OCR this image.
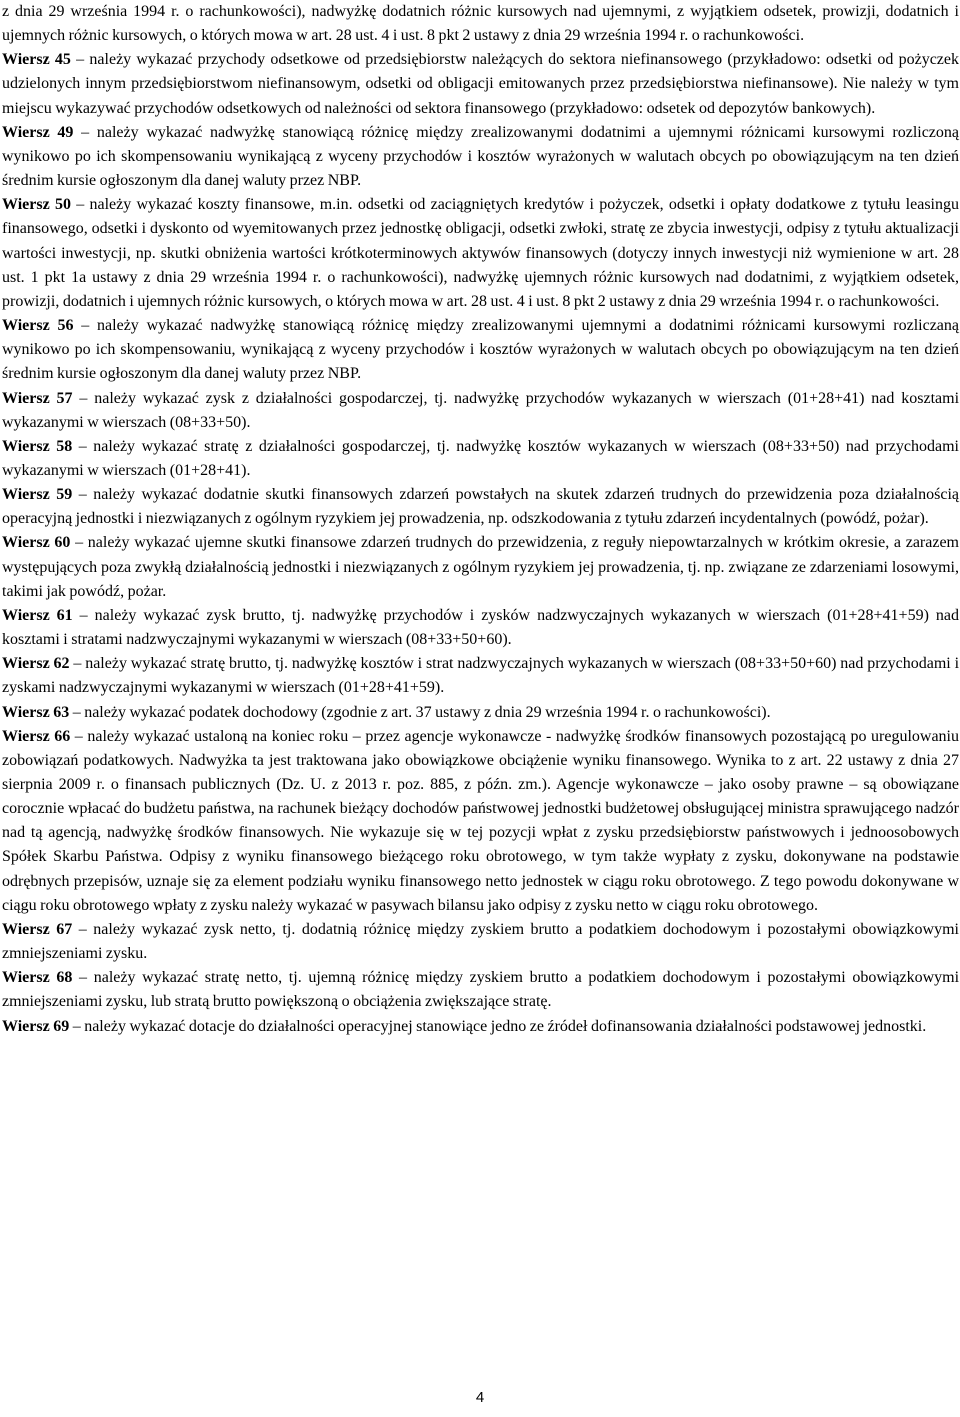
z dnia 29 września 1994 r. o rachunkowości), nadwyżkę dodatnich różnic kursowych nad ujemnymi, z wyjątkiem odsetek, prowizji, dodatnich i ujemnych różnic kursowych, o których mowa w art. 28 ust. 4 i ust. 8 pkt 2 ustawy z dnia 29 września 1994 r. o rachunkowości.

Wiersz 45 – należy wykazać przychody odsetkowe od przedsiębiorstw należących do sektora niefinansowego (przykładowo: odsetki od pożyczek udzielonych innym przedsiębiorstwom niefinansowym, odsetki od obligacji emitowanych przez przedsiębiorstwa niefinansowe). Nie należy w tym miejscu wykazywać przychodów odsetkowych od należności od sektora finansowego (przykładowo: odsetek od depozytów bankowych).

Wiersz 49 – należy wykazać nadwyżkę stanowiącą różnicę między zrealizowanymi dodatnimi a ujemnymi różnicami kursowymi rozliczoną wynikowo po ich skompensowaniu wynikającą z wyceny przychodów i kosztów wyrażonych w walutach obcych po obowiązującym na ten dzień średnim kursie ogłoszonym dla danej waluty przez NBP.

Wiersz 50 – należy wykazać koszty finansowe, m.in. odsetki od zaciągniętych kredytów i pożyczek, odsetki i opłaty dodatkowe z tytułu leasingu finansowego, odsetki i dyskonto od wyemitowanych przez jednostkę obligacji, odsetki zwłoki, stratę ze zbycia inwestycji, odpisy z tytułu aktualizacji wartości inwestycji, np. skutki obniżenia wartości krótkoterminowych aktywów finansowych (dotyczy innych inwestycji niż wymienione w art. 28 ust. 1 pkt 1a ustawy z dnia 29 września 1994 r. o rachunkowości), nadwyżkę ujemnych różnic kursowych nad dodatnimi, z wyjątkiem odsetek, prowizji, dodatnich i ujemnych różnic kursowych, o których mowa w art. 28 ust. 4 i ust. 8 pkt 2 ustawy z dnia 29 września 1994 r. o rachunkowości.

Wiersz 56 – należy wykazać nadwyżkę stanowiącą różnicę między zrealizowanymi ujemnymi a dodatnimi różnicami kursowymi rozliczaną wynikowo po ich skompensowaniu, wynikającą z wyceny przychodów i kosztów wyrażonych w walutach obcych po obowiązującym na ten dzień średnim kursie ogłoszonym dla danej waluty przez NBP.

Wiersz 57 – należy wykazać zysk z działalności gospodarczej, tj. nadwyżkę przychodów wykazanych w wierszach (01+28+41) nad kosztami wykazanymi w wierszach (08+33+50).

Wiersz 58 – należy wykazać stratę z działalności gospodarczej, tj. nadwyżkę kosztów wykazanych w wierszach (08+33+50) nad przychodami wykazanymi w wierszach (01+28+41).

Wiersz 59 – należy wykazać dodatnie skutki finansowych zdarzeń powstałych na skutek zdarzeń trudnych do przewidzenia poza działalnością operacyjną jednostki i niezwiązanych z ogólnym ryzykiem jej prowadzenia, np. odszkodowania z tytułu zdarzeń incydentalnych (powódź, pożar).

Wiersz 60 – należy wykazać ujemne skutki finansowe zdarzeń trudnych do przewidzenia, z reguły niepowtarzalnych w krótkim okresie, a zarazem występujących poza zwykłą działalnością jednostki i niezwiązanych z ogólnym ryzykiem jej prowadzenia, tj. np. związane ze zdarzeniami losowymi, takimi jak powódź, pożar.

Wiersz 61 – należy wykazać zysk brutto, tj. nadwyżkę przychodów i zysków nadzwyczajnych wykazanych w wierszach (01+28+41+59) nad kosztami i stratami nadzwyczajnymi wykazanymi w wierszach (08+33+50+60).

Wiersz 62 – należy wykazać stratę brutto, tj. nadwyżkę kosztów i strat nadzwyczajnych wykazanych w wierszach (08+33+50+60) nad przychodami i zyskami nadzwyczajnymi wykazanymi w wierszach (01+28+41+59).

Wiersz 63 – należy wykazać podatek dochodowy (zgodnie z art. 37 ustawy z dnia 29 września 1994 r. o rachunkowości).

Wiersz 66 – należy wykazać ustaloną na koniec roku – przez agencje wykonawcze - nadwyżkę środków finansowych pozostającą po uregulowaniu zobowiązań podatkowych. Nadwyżka ta jest traktowana jako obowiązkowe obciążenie wyniku finansowego. Wynika to z art. 22 ustawy z dnia 27 sierpnia 2009 r. o finansach publicznych (Dz. U. z 2013 r. poz. 885, z późn. zm.). Agencje wykonawcze – jako osoby prawne – są obowiązane corocznie wpłacać do budżetu państwa, na rachunek bieżący dochodów państwowej jednostki budżetowej obsługującej ministra sprawującego nadzór nad tą agencją, nadwyżkę środków finansowych. Nie wykazuje się w tej pozycji wpłat z zysku przedsiębiorstw państwowych i jednoosobowych Spółek Skarbu Państwa. Odpisy z wyniku finansowego bieżącego roku obrotowego, w tym także wypłaty z zysku, dokonywane na podstawie odrębnych przepisów, uznaje się za element podziału wyniku finansowego netto jednostek w ciągu roku obrotowego. Z tego powodu dokonywane w ciągu roku obrotowego wpłaty z zysku należy wykazać w pasywach bilansu jako odpisy z zysku netto w ciągu roku obrotowego.

Wiersz 67 – należy wykazać zysk netto, tj. dodatnią różnicę między zyskiem brutto a podatkiem dochodowym i pozostałymi obowiązkowymi zmniejszeniami zysku.

Wiersz 68 – należy wykazać stratę netto, tj. ujemną różnicę między zyskiem brutto a podatkiem dochodowym i pozostałymi obowiązkowymi zmniejszeniami zysku, lub stratą brutto powiększoną o obciążenia zwiększające stratę.

Wiersz 69 – należy wykazać dotacje do działalności operacyjnej stanowiące jedno ze źródeł dofinansowania działalności podstawowej jednostki.

4
